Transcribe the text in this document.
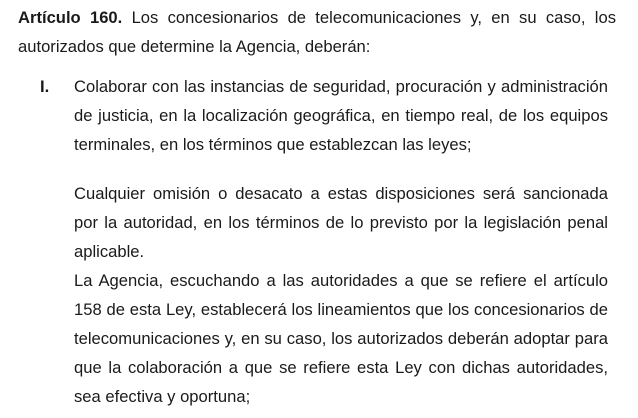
Artículo 160. Los concesionarios de telecomunicaciones y, en su caso, los autorizados que determine la Agencia, deberán:

I. Colaborar con las instancias de seguridad, procuración y administración de justicia, en la localización geográfica, en tiempo real, de los equipos terminales, en los términos que establezcan las leyes;

Cualquier omisión o desacato a estas disposiciones será sancionada por la autoridad, en los términos de lo previsto por la legislación penal aplicable.

La Agencia, escuchando a las autoridades a que se refiere el artículo 158 de esta Ley, establecerá los lineamientos que los concesionarios de telecomunicaciones y, en su caso, los autorizados deberán adoptar para que la colaboración a que se refiere esta Ley con dichas autoridades, sea efectiva y oportuna;
